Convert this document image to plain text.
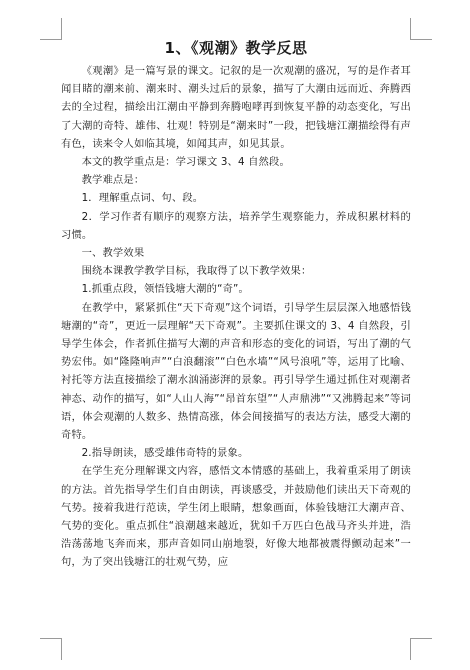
1、《观潮》教学反思

《观潮》是一篇写景的课文。记叙的是一次观潮的盛况，写的是作者耳闻目睹的潮来前、潮来时、潮头过后的景象，描写了大潮由远而近、奔腾西去的全过程，描绘出江潮由平静到奔腾咆哮再到恢复平静的动态变化，写出了大潮的奇特、雄伟、壮观！特别是“潮来时”一段，把钱塘江潮描绘得有声有色，读来令人如临其境，如闻其声，如见其景。

本文的教学重点是：学习课文 3、4 自然段。

教学难点是：

1．理解重点词、句、段。

2．学习作者有顺序的观察方法，培养学生观察能力，养成积累材料的习惯。

一、教学效果

围绕本课教学教学目标，我取得了以下教学效果：

1.抓重点段，领悟钱塘大潮的“奇”。

在教学中，紧紧抓住“天下奇观”这个词语，引导学生层层深入地感悟钱塘潮的“奇”，更近一层理解“天下奇观”。主要抓住课文的 3、4 自然段，引导学生体会，作者抓住描写大潮的声音和形态的变化的词语，写出了潮的气势宏伟。如“隆隆响声”“白浪翻滚”“白色水墙”“风号浪吼”等，运用了比喻、衬托等方法直接描绘了潮水汹涌澎湃的景象。再引导学生通过抓住对观潮者神态、动作的描写，如“人山人海”“昂首东望”“人声鼎沸”“又沸腾起来”等词语，体会观潮的人数多、热情高涨，体会间接描写的表达方法，感受大潮的奇特。

2.指导朗读，感受雄伟奇特的景象。

在学生充分理解课文内容，感悟文本情感的基础上，我着重采用了朗读的方法。首先指导学生们自由朗读，再谈感受，并鼓励他们读出天下奇观的气势。接着我进行范读，学生闭上眼睛，想象画面，体验钱塘江大潮声音、气势的变化。重点抓住“浪潮越来越近，犹如千万匹白色战马齐头并进，浩浩荡荡地飞奔而来，那声音如同山崩地裂，好像大地都被震得颤动起来”一句，为了突出钱塘江的壮观气势，应
